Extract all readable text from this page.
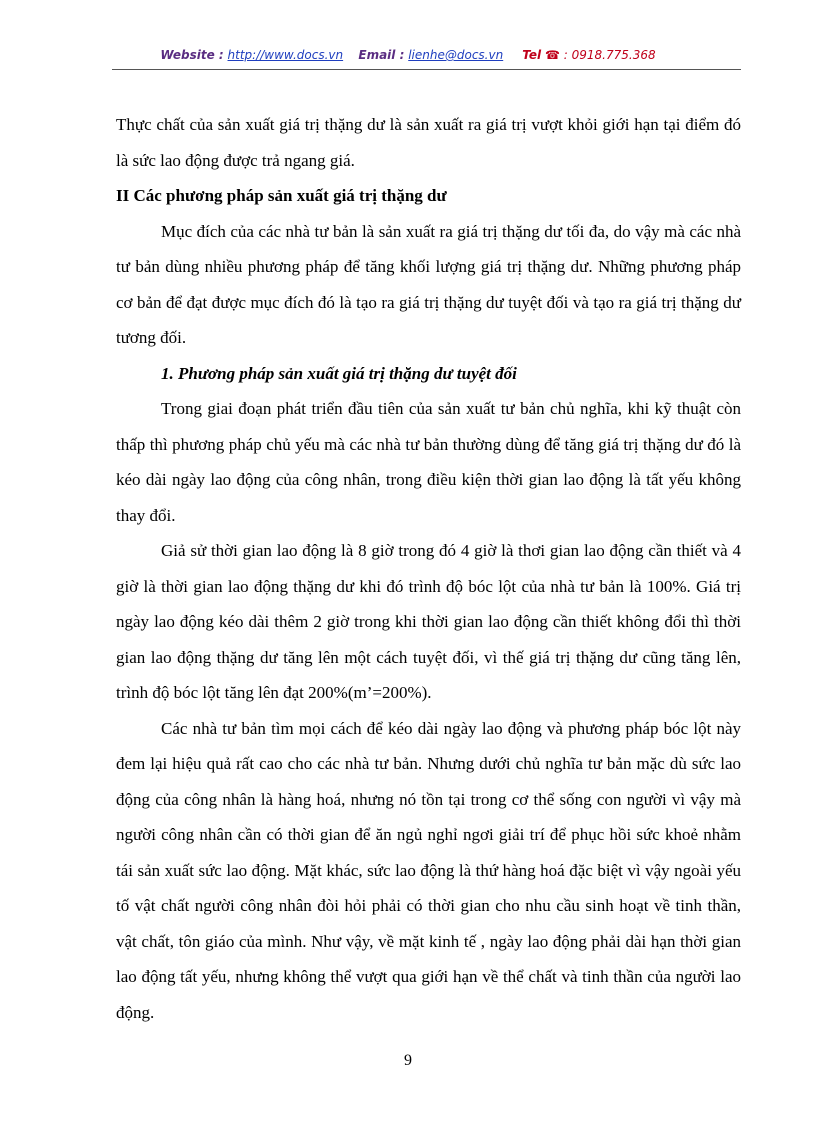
Website : http://www.docs.vn Email : lienhe@docs.vn Tel ☎ : 0918.775.368

Thực chất của sản xuất giá trị thặng dư là sản xuất ra giá trị vượt khỏi giới hạn tại điểm đó là sức lao động được trả ngang giá.

II Các phương pháp sản xuất giá trị thặng dư

Mục đích của các nhà tư bản là sản xuất ra giá trị thặng dư tối đa, do vậy mà các nhà tư bản dùng nhiều phương pháp để tăng khối lượng giá trị thặng dư. Những phương pháp cơ bản để đạt được mục đích đó là tạo ra giá trị thặng dư tuyệt đối và tạo ra giá trị thặng dư tương đối.

1. Phương pháp sản xuất giá trị thặng dư tuyệt đối

Trong giai đoạn phát triển đầu tiên của sản xuất tư bản chủ nghĩa, khi kỹ thuật còn thấp thì phương pháp chủ yếu mà các nhà tư bản thường dùng để tăng giá trị thặng dư đó là kéo dài ngày lao động của công nhân, trong điều kiện thời gian lao động là tất yếu không thay đổi.

Giả sử thời gian lao động là 8 giờ trong đó 4 giờ là thơi gian lao động cần thiết và 4 giờ là thời gian lao động thặng dư khi đó trình độ bóc lột của nhà tư bản là 100%. Giá trị ngày lao động kéo dài thêm 2 giờ trong khi thời gian lao động cần thiết không đổi thì thời gian lao động thặng dư tăng lên một cách tuyệt đối, vì thế giá trị thặng dư cũng tăng lên, trình độ bóc lột tăng lên đạt 200%(m’=200%).

Các nhà tư bản tìm mọi cách để kéo dài ngày lao động và phương pháp bóc lột này đem lại hiệu quả rất cao cho các nhà tư bản. Nhưng dưới chủ nghĩa tư bản mặc dù sức lao động của công nhân là hàng hoá, nhưng nó tồn tại trong cơ thể sống con người vì vậy mà người công nhân cần có thời gian để ăn ngủ nghỉ ngơi giải trí để phục hồi sức khoẻ nhằm tái sản xuất sức lao động. Mặt khác, sức lao động là thứ hàng hoá đặc biệt vì vậy ngoài yếu tố vật chất người công nhân đòi hỏi phải có thời gian cho nhu cầu sinh hoạt về tinh thần, vật chất, tôn giáo của mình. Như vậy, về mặt kinh tế , ngày lao động phải dài hạn thời gian lao động tất yếu, nhưng không thể vượt qua giới hạn về thể chất và tinh thần của người lao động.

9
